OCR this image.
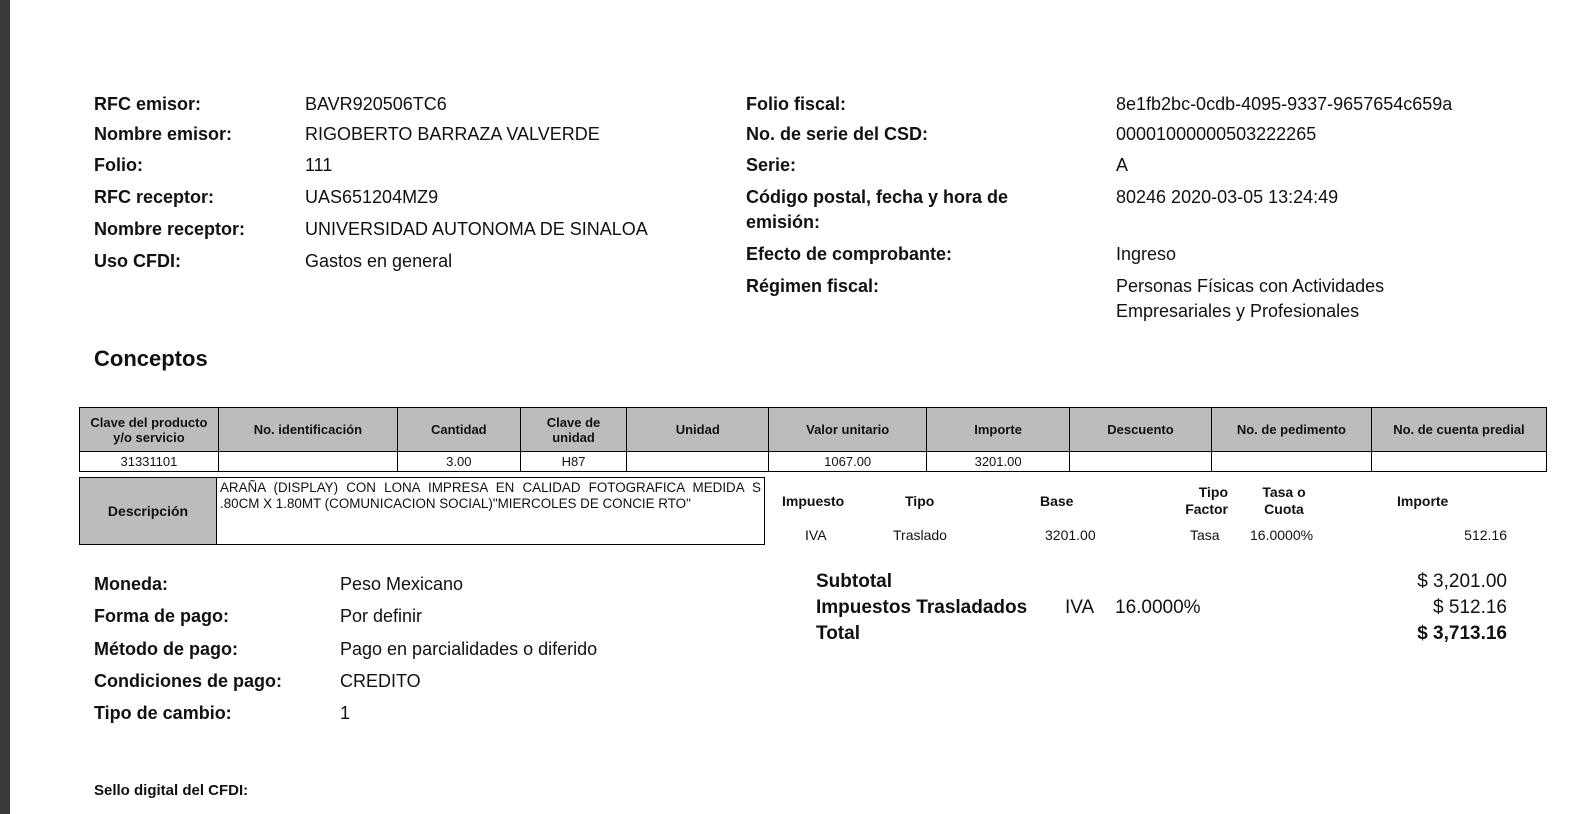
RFC emisor:	BAVR920506TC6
Nombre emisor:	RIGOBERTO BARRAZA VALVERDE
Folio:	111
RFC receptor:	UAS651204MZ9
Nombre receptor:	UNIVERSIDAD AUTONOMA DE SINALOA
Uso CFDI:	Gastos en general
Folio fiscal:	8e1fb2bc-0cdb-4095-9337-9657654c659a
No. de serie del CSD:	00001000000503222265
Serie:	A
Código postal, fecha y hora de
emisión:
80246 2020-03-05 13:24:49
Efecto de comprobante:	Ingreso
Régimen fiscal:	Personas Físicas con Actividades
Empresariales y Profesionales
Conceptos
Clave del producto y/o servicio	No. identificación	Cantidad	Clave de unidad	Unidad	Valor unitario	Importe	Descuento	No. de pedimento	No. de cuenta predial
31331101		3.00	H87		1067.00	3201.00			
Descripción
ARAÑA (DISPLAY) CON LONA IMPRESA EN CALIDAD FOTOGRAFICA MEDIDA S .80CM X 1.80MT (COMUNICACION SOCIAL)"MIERCOLES DE CONCIE RTO"	Impuesto	Tipo	Base
Tipo Factor
Tasa o Cuota	Importe
IVA	Traslado	3201.00	Tasa 16.0000%	512.16
Moneda:	Peso Mexicano
Forma de pago:	Por definir
Método de pago:	Pago en parcialidades o diferido
Condiciones de pago:	CREDITO
Tipo de cambio:	1
Subtotal	$ 3,201.00
Impuestos Trasladados IVA 16.0000%	$ 512.16
Total	$ 3,713.16
Sello digital del CFDI:
